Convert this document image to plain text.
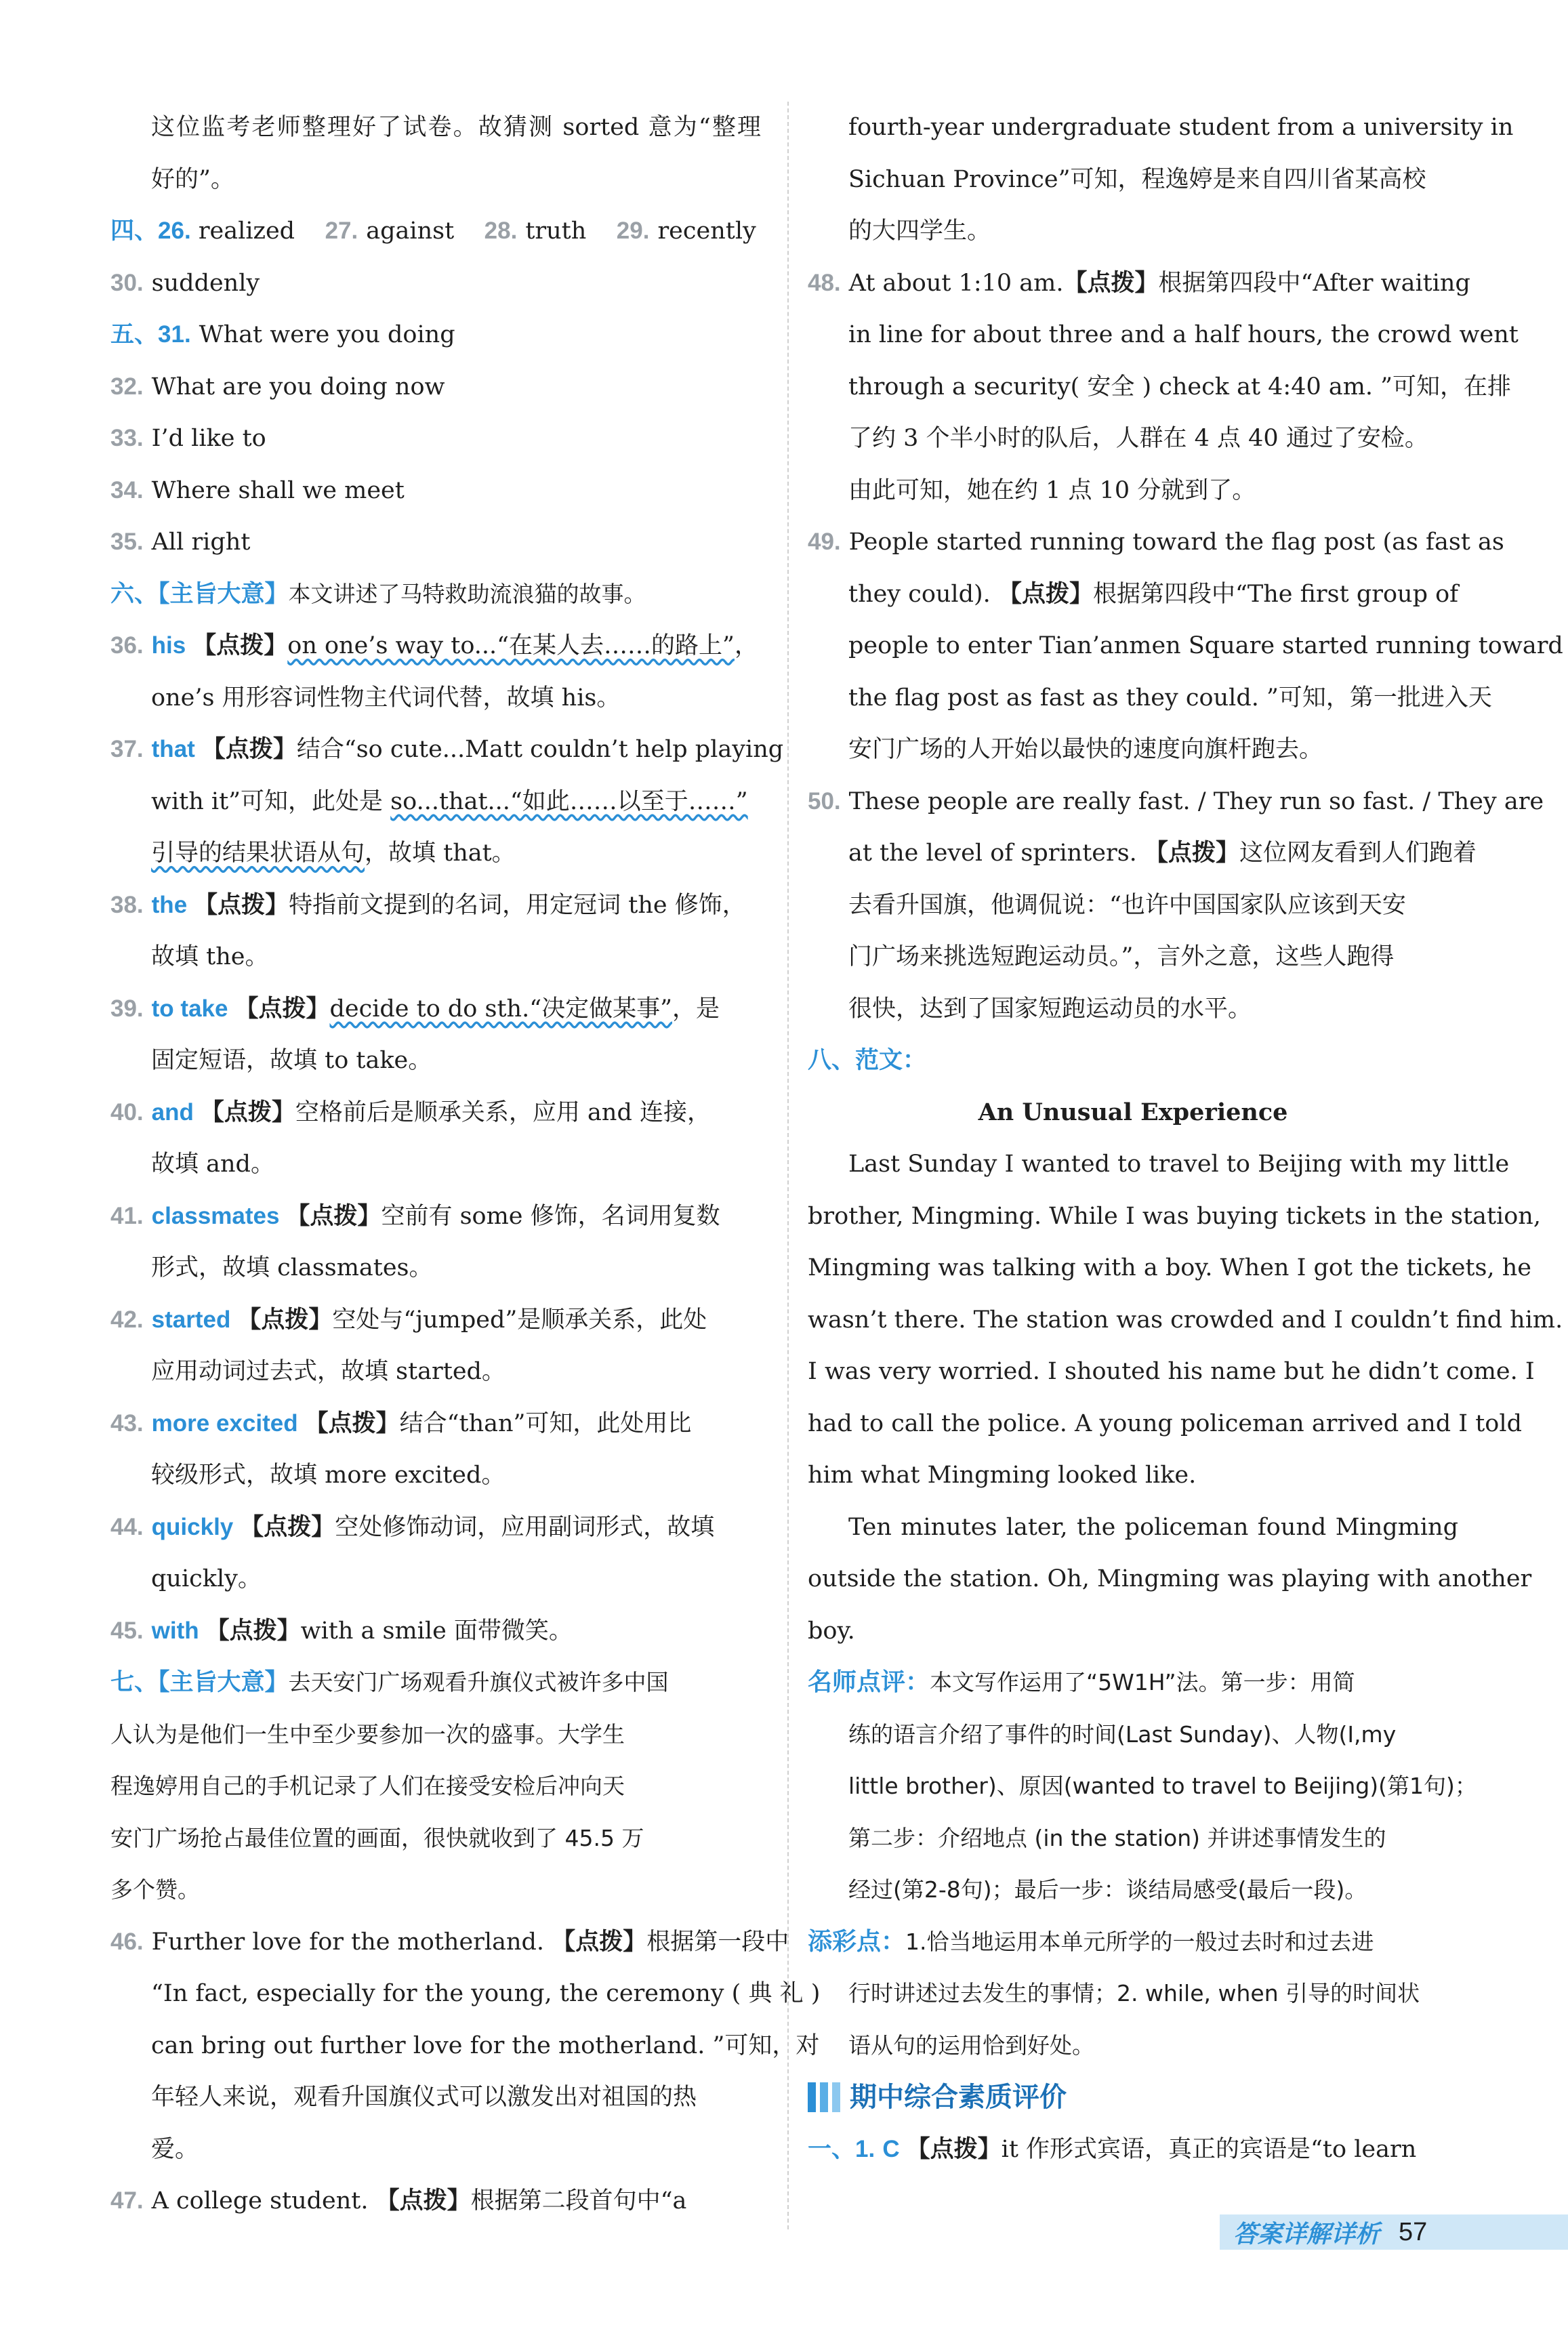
这位监考老师整理好了试卷。故猜测 sorted 意为“整理
好的”。
四、26. realized 27. against 28. truth 29. recently
30. suddenly
五、31. What were you doing
32. What are you doing now
33. I’d like to
34. Where shall we meet
35. All right
六、【主旨大意】本文讲述了马特救助流浪猫的故事。
36. his 【点拨】on one’s way to...“在某人去……的路上”，
one’s 用形容词性物主代词代替，故填 his。
37. that 【点拨】结合“so cute...Matt couldn’t help playing
with it”可知，此处是 so...that...“如此……以至于……”
引导的结果状语从句，故填 that。
38. the 【点拨】特指前文提到的名词，用定冠词 the 修饰，
故填 the。
39. to take 【点拨】decide to do sth.“决定做某事”，是
固定短语，故填 to take。
40. and 【点拨】空格前后是顺承关系，应用 and 连接，
故填 and。
41. classmates 【点拨】空前有 some 修饰，名词用复数
形式，故填 classmates。
42. started 【点拨】空处与“jumped”是顺承关系，此处
应用动词过去式，故填 started。
43. more excited 【点拨】结合“than”可知，此处用比
较级形式，故填 more excited。
44. quickly 【点拨】空处修饰动词，应用副词形式，故填
quickly。
45. with 【点拨】with a smile 面带微笑。
七、【主旨大意】去天安门广场观看升旗仪式被许多中国
人认为是他们一生中至少要参加一次的盛事。大学生
程逸婷用自己的手机记录了人们在接受安检后冲向天
安门广场抢占最佳位置的画面，很快就收到了 45.5 万
多个赞。
46. Further love for the motherland. 【点拨】根据第一段中
“In fact, especially for the young, the ceremony ( 典 礼 )
can bring out further love for the motherland. ”可知，对
年轻人来说，观看升国旗仪式可以激发出对祖国的热
爱。
47. A college student. 【点拨】根据第二段首句中“a
fourth-year undergraduate student from a university in
Sichuan Province”可知，程逸婷是来自四川省某高校
的大四学生。
48. At about 1:10 am.【点拨】根据第四段中“After waiting
in line for about three and a half hours, the crowd went
through a security( 安全 ) check at 4:40 am. ”可知，在排
了约 3 个半小时的队后，人群在 4 点 40 通过了安检。
由此可知，她在约 1 点 10 分就到了。
49. People started running toward the flag post (as fast as
they could). 【点拨】根据第四段中“The first group of
people to enter Tian’anmen Square started running toward
the flag post as fast as they could. ”可知，第一批进入天
安门广场的人开始以最快的速度向旗杆跑去。
50. These people are really fast. / They run so fast. / They are
at the level of sprinters. 【点拨】这位网友看到人们跑着
去看升国旗，他调侃说：“也许中国国家队应该到天安
门广场来挑选短跑运动员。”，言外之意，这些人跑得
很快，达到了国家短跑运动员的水平。
八、范文：
An Unusual Experience
Last Sunday I wanted to travel to Beijing with my little
brother, Mingming. While I was buying tickets in the station,
Mingming was talking with a boy. When I got the tickets, he
wasn’t there. The station was crowded and I couldn’t find him.
I was very worried. I shouted his name but he didn’t come. I
had to call the police. A young policeman arrived and I told
him what Mingming looked like.
Ten minutes later, the policeman found Mingming
outside the station. Oh, Mingming was playing with another
boy.
名师点评：本文写作运用了“5W1H”法。第一步：用简
练的语言介绍了事件的时间(Last Sunday)、人物(I,my
little brother)、原因(wanted to travel to Beijing)(第1句)；
第二步：介绍地点 (in the station) 并讲述事情发生的
经过(第2-8句)；最后一步：谈结局感受(最后一段)。
添彩点：1.恰当地运用本单元所学的一般过去时和过去进
行时讲述过去发生的事情；2. while, when 引导的时间状
语从句的运用恰到好处。
期中综合素质评价
一、1. C 【点拨】it 作形式宾语，真正的宾语是“to learn
答案详解详析 57
